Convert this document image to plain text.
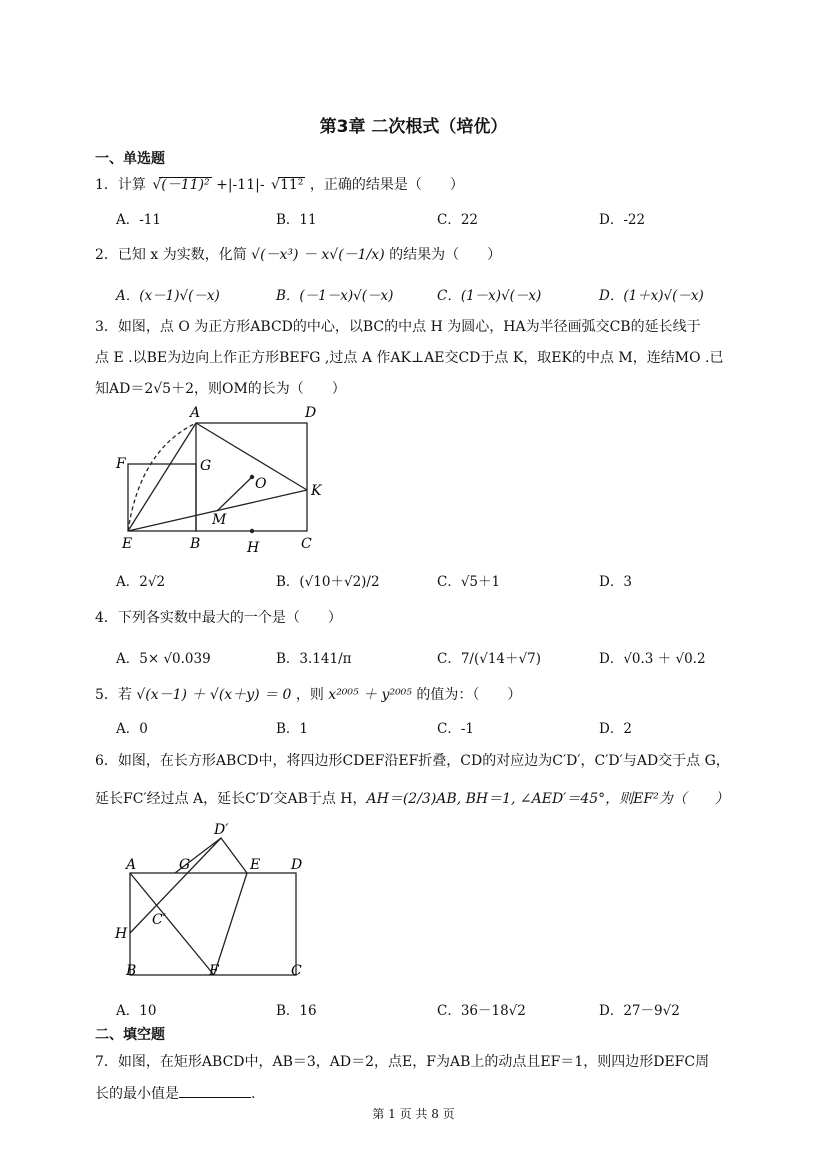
第3章 二次根式（培优）
一、单选题
1．计算 √ (－11)² +|-11|- √ 11² ，正确的结果是（　　）
A．-11	B．11	C．22	D．-22
2．已知 x 为实数，化简 √(－x³) － x√(－1/x) 的结果为（　　）
A．(x－1)√(－x)	B．(－1－x)√(－x)	C．(1－x)√(－x)	D．(1＋x)√(－x)
3．如图，点 O 为正方形ABCD的中心，以BC的中点 H 为圆心，HA为半径画弧交CB的延长线于
点 E .以BE为边向上作正方形BEFG ,过点 A 作AK⊥AE交CD于点 K，取EK的中点 M，连结MO .已
知AD＝2√5＋2，则OM的长为（　　）
A	D
F	G
O	K
M
E	B	H	C
A．2√2	B．(√10＋√2)/2	C．√5＋1	D．3
4．下列各实数中最大的一个是（　　）
A．5× √0.039	B．3.141/π	C．7/(√14＋√7)	D．√0.3 ＋ √0.2
5．若 √(x－1) ＋ √(x＋y) ＝ 0 ，则 x²⁰⁰⁵ ＋ y²⁰⁰⁵ 的值为：（　　）
A．0	B．1	C．-1	D．2
6．如图，在长方形ABCD中，将四边形CDEF沿EF折叠，CD的对应边为C′D′，C′D′与AD交于点 G，
延长FC′经过点 A，延长C′D′交AB于点 H，AH＝(2/3)AB, BH＝1, ∠AED′＝45°，则EF²为（　　）
D′
A	G	E D
C′
H
B	F	C
A．10	B．16	C．36－18√2	D．27－9√2
二、填空题
7．如图，在矩形ABCD中，AB＝3，AD＝2，点E，F为AB上的动点且EF＝1，则四边形DEFC周
长的最小值是	.
第 1 页 共 8 页
